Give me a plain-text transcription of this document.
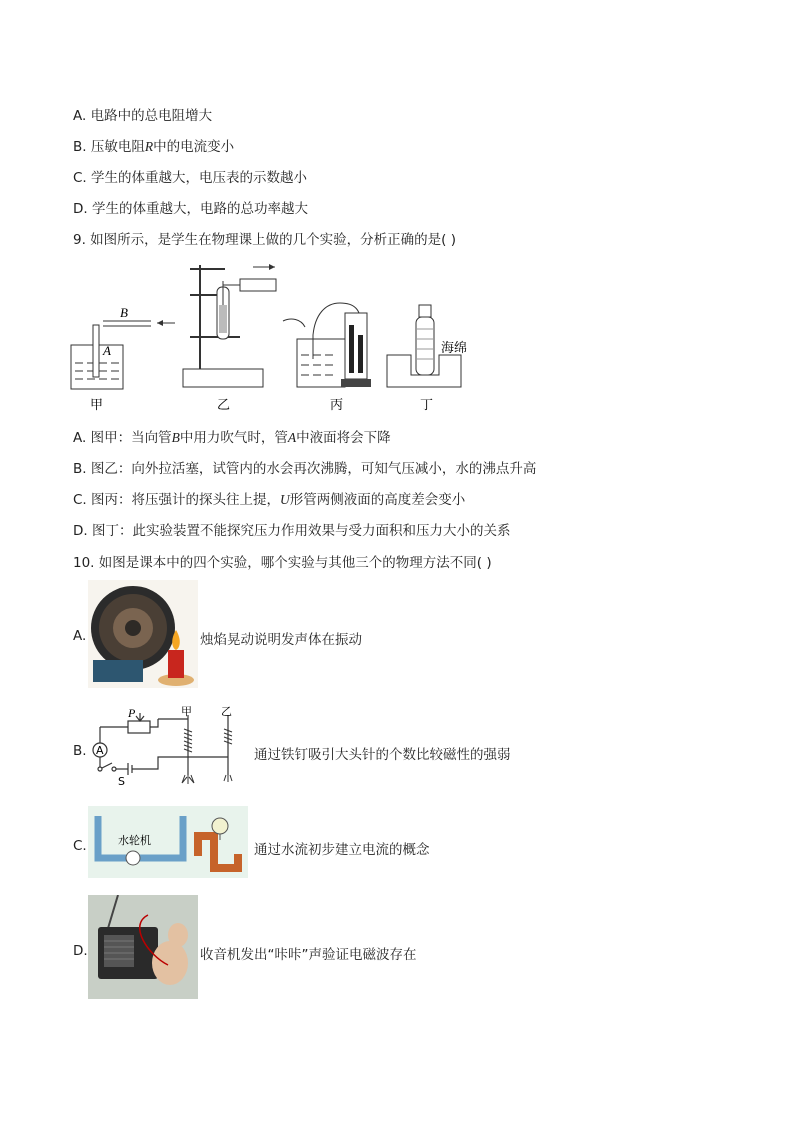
A. 电路中的总电阻增大
B. 压敏电阻R中的电流变小
C. 学生的体重越大，电压表的示数越小
D. 学生的体重越大，电路的总功率越大
9. 如图所示，是学生在物理课上做的几个实验，分析正确的是( )
B
A	海绵
甲	乙	丙	丁
A. 图甲：当向管B中用力吹气时，管A中液面将会下降
B. 图乙：向外拉活塞，试管内的水会再次沸腾，可知气压减小，水的沸点升高
C. 图丙：将压强计的探头往上提，U形管两侧液面的高度差会变小
D. 图丁：此实验装置不能探究压力作用效果与受力面积和压力大小的关系
10. 如图是课本中的四个实验，哪个实验与其他三个的物理方法不同( )
A.	烛焰晃动说明发声体在振动
B. A
P	甲	乙
S
通过铁钉吸引大头针的个数比较磁性的强弱
C.	水轮机
通过水流初步建立电流的概念
D.	收音机发出“咔咔”声验证电磁波存在
